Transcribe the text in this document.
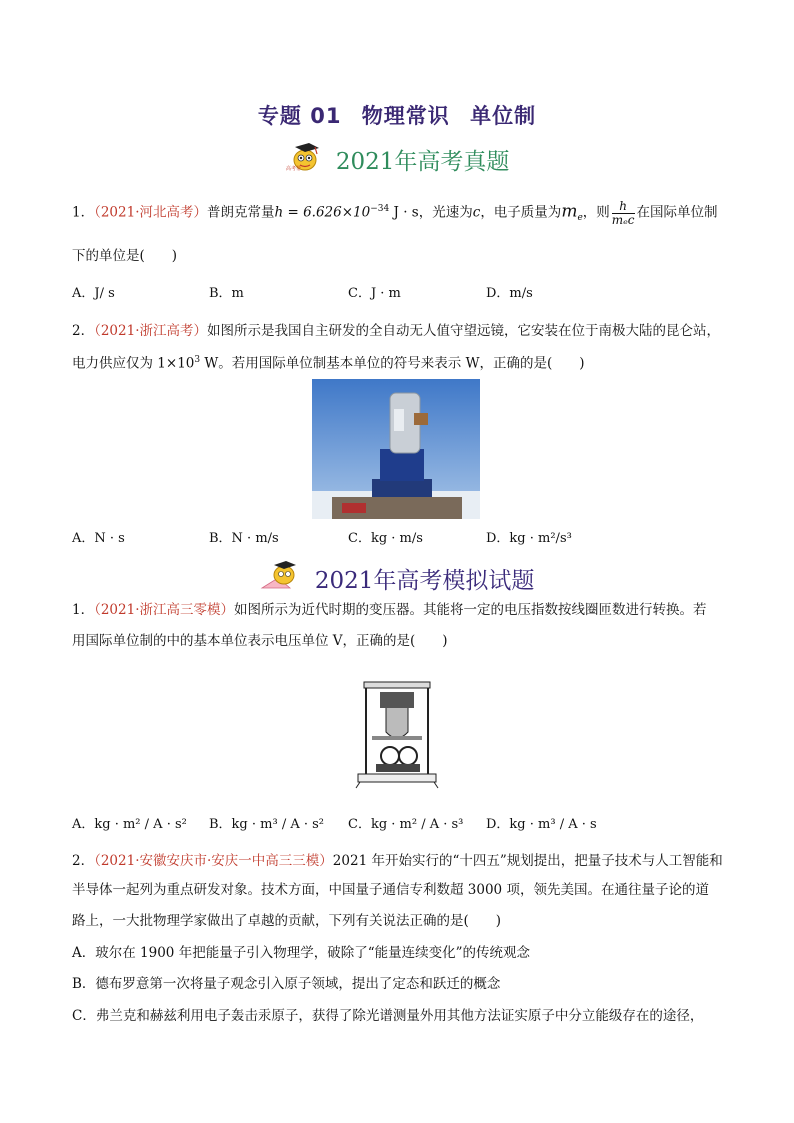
专题 01 物理常识 单位制
高考帮 2021年高考真题
1．（2021·河北高考）普朗克常量$h = 6.626\times 10^{-34}$ J · s，光速为c，电子质量为$m_e$，则 $\frac{h}{\text{mₑc}}$ 在国际单位制
下的单位是(　　)
A．J/ s	B．m	C．J · m	D．m/s
2．（2021·浙江高考）如图所示是我国自主研发的全自动无人值守望远镜，它安装在位于南极大陆的昆仑站，
电力供应仅为 $1\times 10^3$ W。若用国际单位制基本单位的符号来表示 W，正确的是(　　)
A．N · s	B．N · m/s	C．kg · m/s	D．kg · m²/s³
2021年高考模拟试题
1．（2021·浙江高三零模）如图所示为近代时期的变压器。其能将一定的电压指数按线圈匝数进行转换。若
用国际单位制的中的基本单位表示电压单位 V，正确的是(　　)
A．kg · m² / A · s² B．kg · m³ / A · s² C．kg · m² / A · s³ D．kg · m³ / A · s
2．（2021·安徽安庆市·安庆一中高三三模）2021 年开始实行的“十四五”规划提出，把量子技术与人工智能和
半导体一起列为重点研发对象。技术方面，中国量子通信专利数超 3000 项，领先美国。在通往量子论的道
路上，一大批物理学家做出了卓越的贡献，下列有关说法正确的是(　　)
A．玻尔在 1900 年把能量子引入物理学，破除了“能量连续变化”的传统观念
B．德布罗意第一次将量子观念引入原子领域，提出了定态和跃迁的概念
C．弗兰克和赫兹利用电子轰击汞原子，获得了除光谱测量外用其他方法证实原子中分立能级存在的途径，
